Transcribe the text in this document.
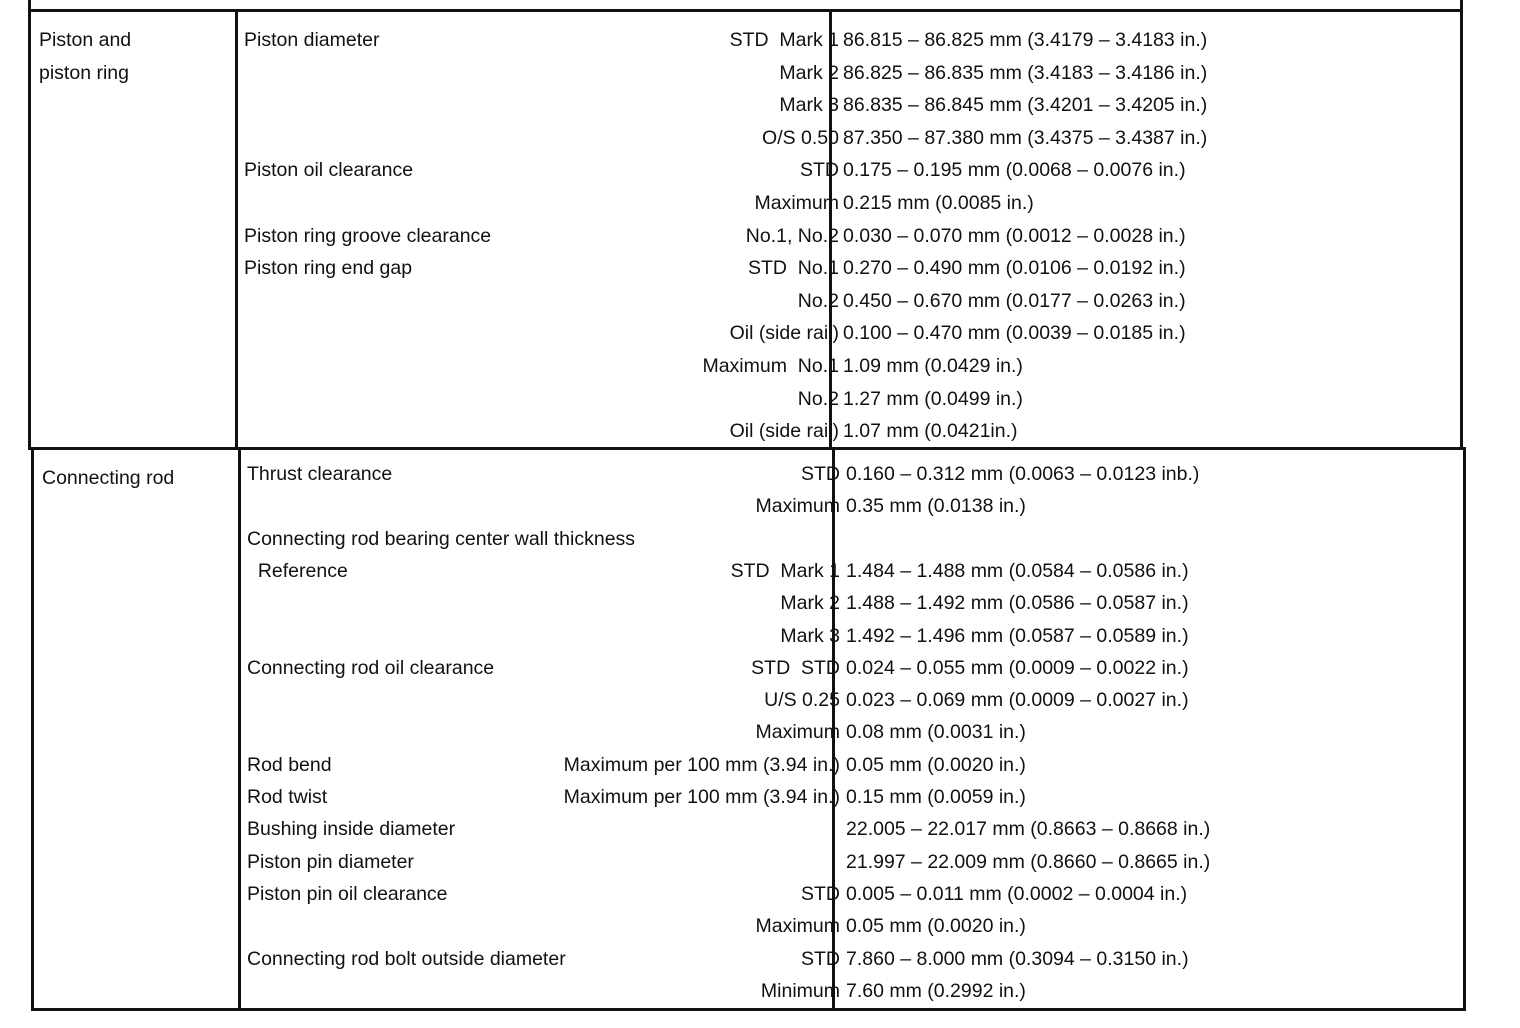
Piston and
piston ring
Piston diameter	STD  Mark 1 86.815 – 86.825 mm (3.4179 – 3.4183 in.)
Mark 2 86.825 – 86.835 mm (3.4183 – 3.4186 in.)
Mark 3 86.835 – 86.845 mm (3.4201 – 3.4205 in.)
O/S 0.50 87.350 – 87.380 mm (3.4375 – 3.4387 in.)
Piston oil clearance	STD 0.175 – 0.195 mm (0.0068 – 0.0076 in.)
Maximum 0.215 mm (0.0085 in.)
Piston ring groove clearance	No.1, No.2 0.030 – 0.070 mm (0.0012 – 0.0028 in.)
Piston ring end gap	STD  No.1 0.270 – 0.490 mm (0.0106 – 0.0192 in.)
No.2 0.450 – 0.670 mm (0.0177 – 0.0263 in.)
Oil (side rail) 0.100 – 0.470 mm (0.0039 – 0.0185 in.)
Maximum  No.1 1.09 mm (0.0429 in.)
No.2 1.27 mm (0.0499 in.)
Oil (side rail) 1.07 mm (0.0421in.)
Connecting rod	Thrust clearance	STD 0.160 – 0.312 mm (0.0063 – 0.0123 inb.)
Maximum 0.35 mm (0.0138 in.)
Connecting rod bearing center wall thickness
Reference	STD  Mark 1 1.484 – 1.488 mm (0.0584 – 0.0586 in.)
Mark 2 1.488 – 1.492 mm (0.0586 – 0.0587 in.)
Mark 3 1.492 – 1.496 mm (0.0587 – 0.0589 in.)
Connecting rod oil clearance	STD  STD 0.024 – 0.055 mm (0.0009 – 0.0022 in.)
U/S 0.25 0.023 – 0.069 mm (0.0009 – 0.0027 in.)
Maximum 0.08 mm (0.0031 in.)
Rod bend	Maximum per 100 mm (3.94 in.) 0.05 mm (0.0020 in.)
Rod twist	Maximum per 100 mm (3.94 in.) 0.15 mm (0.0059 in.)
Bushing inside diameter	22.005 – 22.017 mm (0.8663 – 0.8668 in.)
Piston pin diameter	21.997 – 22.009 mm (0.8660 – 0.8665 in.)
Piston pin oil clearance	STD 0.005 – 0.011 mm (0.0002 – 0.0004 in.)
Maximum 0.05 mm (0.0020 in.)
Connecting rod bolt outside diameter	STD 7.860 – 8.000 mm (0.3094 – 0.3150 in.)
Minimum 7.60 mm (0.2992 in.)
